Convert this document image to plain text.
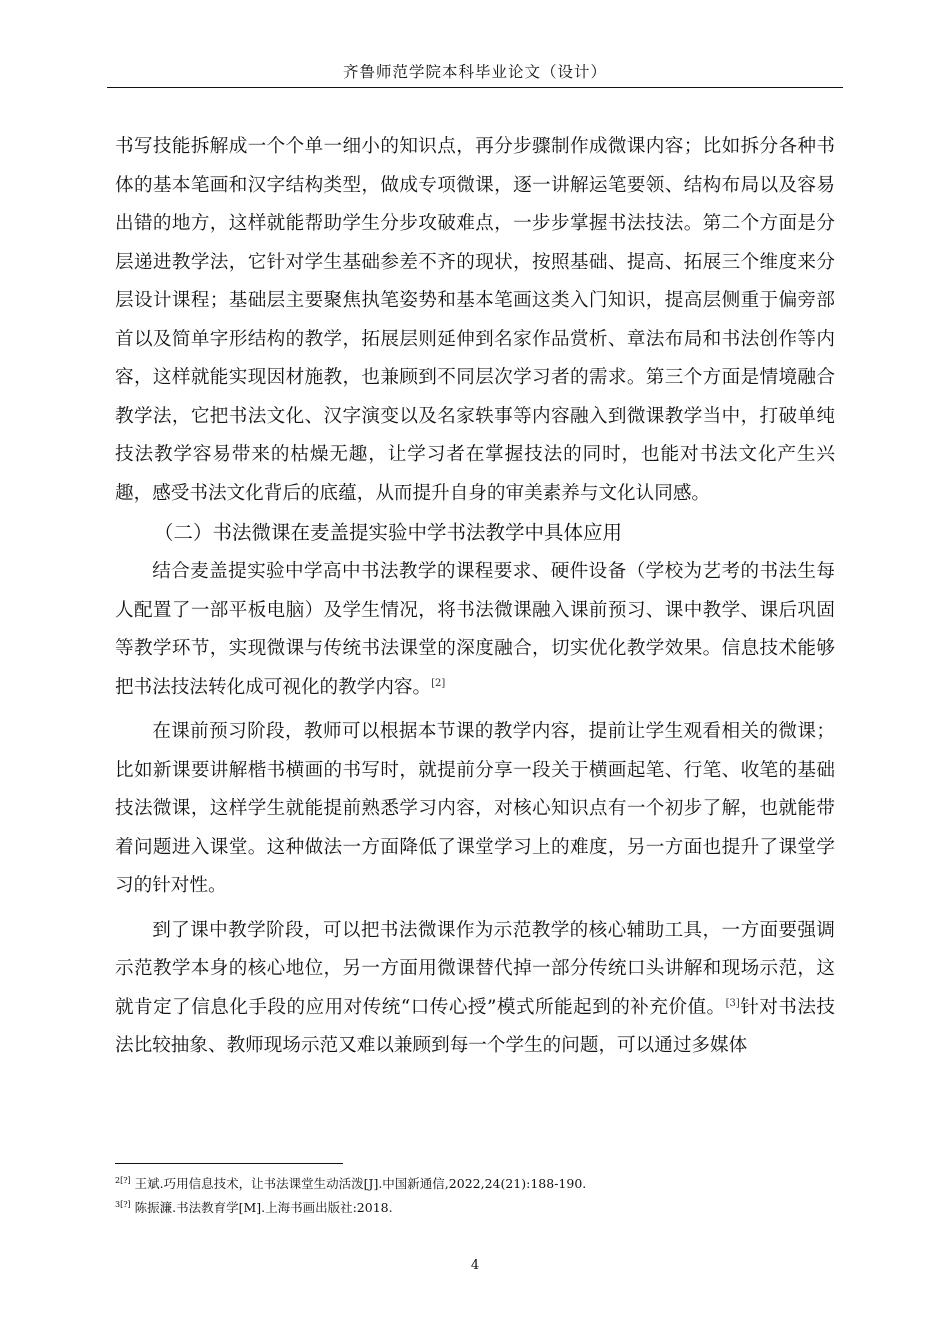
齐鲁师范学院本科毕业论文（设计）

书写技能拆解成一个个单一细小的知识点，再分步骤制作成微课内容；比如拆分各种书体的基本笔画和汉字结构类型，做成专项微课，逐一讲解运笔要领、结构布局以及容易出错的地方，这样就能帮助学生分步攻破难点，一步步掌握书法技法。第二个方面是分层递进教学法，它针对学生基础参差不齐的现状，按照基础、提高、拓展三个维度来分层设计课程；基础层主要聚焦执笔姿势和基本笔画这类入门知识，提高层侧重于偏旁部首以及简单字形结构的教学，拓展层则延伸到名家作品赏析、章法布局和书法创作等内容，这样就能实现因材施教，也兼顾到不同层次学习者的需求。第三个方面是情境融合教学法，它把书法文化、汉字演变以及名家轶事等内容融入到微课教学当中，打破单纯技法教学容易带来的枯燥无趣，让学习者在掌握技法的同时，也能对书法文化产生兴趣，感受书法文化背后的底蕴，从而提升自身的审美素养与文化认同感。

（二）书法微课在麦盖提实验中学书法教学中具体应用

结合麦盖提实验中学高中书法教学的课程要求、硬件设备（学校为艺考的书法生每人配置了一部平板电脑）及学生情况，将书法微课融入课前预习、课中教学、课后巩固等教学环节，实现微课与传统书法课堂的深度融合，切实优化教学效果。信息技术能够把书法技法转化成可视化的教学内容。[2]

在课前预习阶段，教师可以根据本节课的教学内容，提前让学生观看相关的微课；比如新课要讲解楷书横画的书写时，就提前分享一段关于横画起笔、行笔、收笔的基础技法微课，这样学生就能提前熟悉学习内容，对核心知识点有一个初步了解，也就能带着问题进入课堂。这种做法一方面降低了课堂学习上的难度，另一方面也提升了课堂学习的针对性。

到了课中教学阶段，可以把书法微课作为示范教学的核心辅助工具，一方面要强调示范教学本身的核心地位，另一方面用微课替代掉一部分传统口头讲解和现场示范，这就肯定了信息化手段的应用对传统“口传心授”模式所能起到的补充价值。[3]针对书法技法比较抽象、教师现场示范又难以兼顾到每一个学生的问题，可以通过多媒体

$^{2[?]}$ 王斌.巧用信息技术，让书法课堂生动活泼[J].中国新通信,2022,24(21):188-190.
$^{3[?]}$ 陈振濂.书法教育学[M].上海书画出版社:2018.
4
